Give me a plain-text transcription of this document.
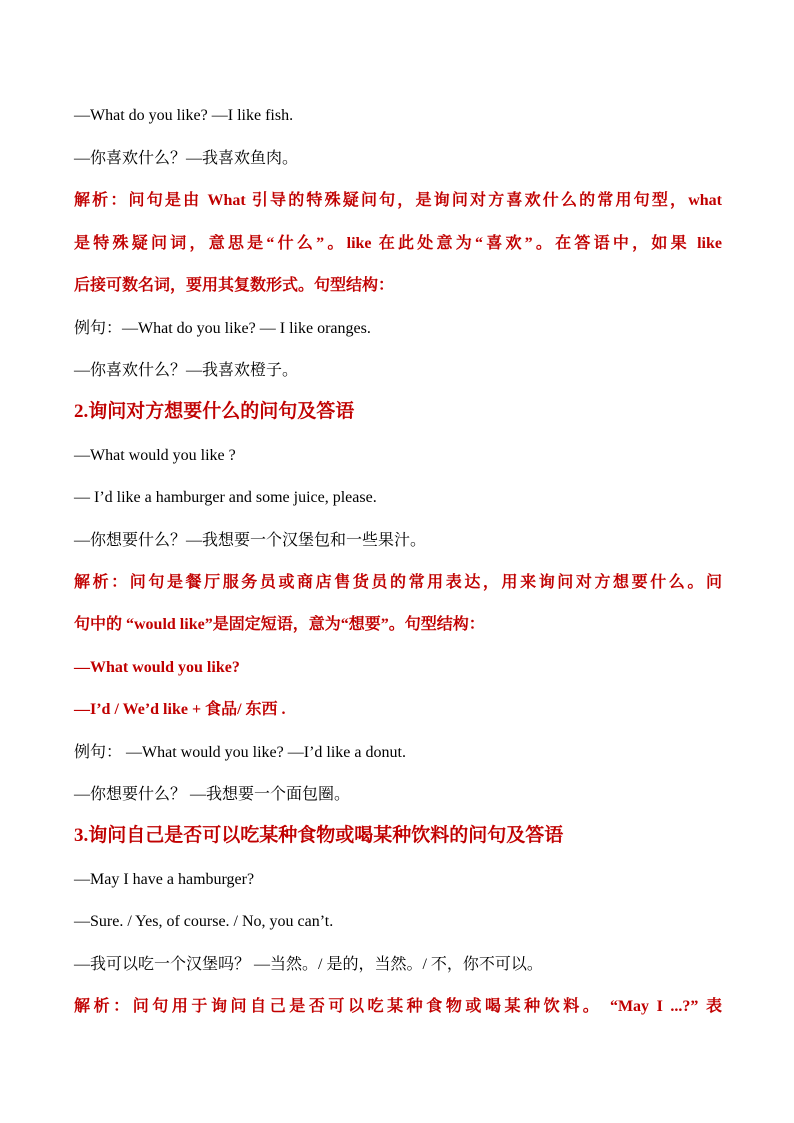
—What do you like? —I like fish.
—你喜欢什么？—我喜欢鱼肉。
解析：问句是由 What 引导的特殊疑问句，是询问对方喜欢什么的常用句型，what
是特殊疑问词，意思是“什么”。like 在此处意为“喜欢”。在答语中，如果 like
后接可数名词，要用其复数形式。句型结构：
例句：—What do you like? — I like oranges.
—你喜欢什么？—我喜欢橙子。
2.询问对方想要什么的问句及答语
—What would you like ?
— I’d like a hamburger and some juice, please.
—你想要什么？—我想要一个汉堡包和一些果汁。
解析：问句是餐厅服务员或商店售货员的常用表达，用来询问对方想要什么。问
句中的 “would like”是固定短语，意为“想要”。句型结构：
—What would you like?
—I’d / We’d like + 食品/ 东西 .
例句： —What would you like? —I’d like a donut.
—你想要什么？ —我想要一个面包圈。
3.询问自己是否可以吃某种食物或喝某种饮料的问句及答语
—May I have a hamburger?
—Sure. / Yes, of course. / No, you can’t.
—我可以吃一个汉堡吗？ —当然。/ 是的，当然。/ 不，你不可以。
解析：问句用于询问自己是否可以吃某种食物或喝某种饮料。 “May I ...?” 表
